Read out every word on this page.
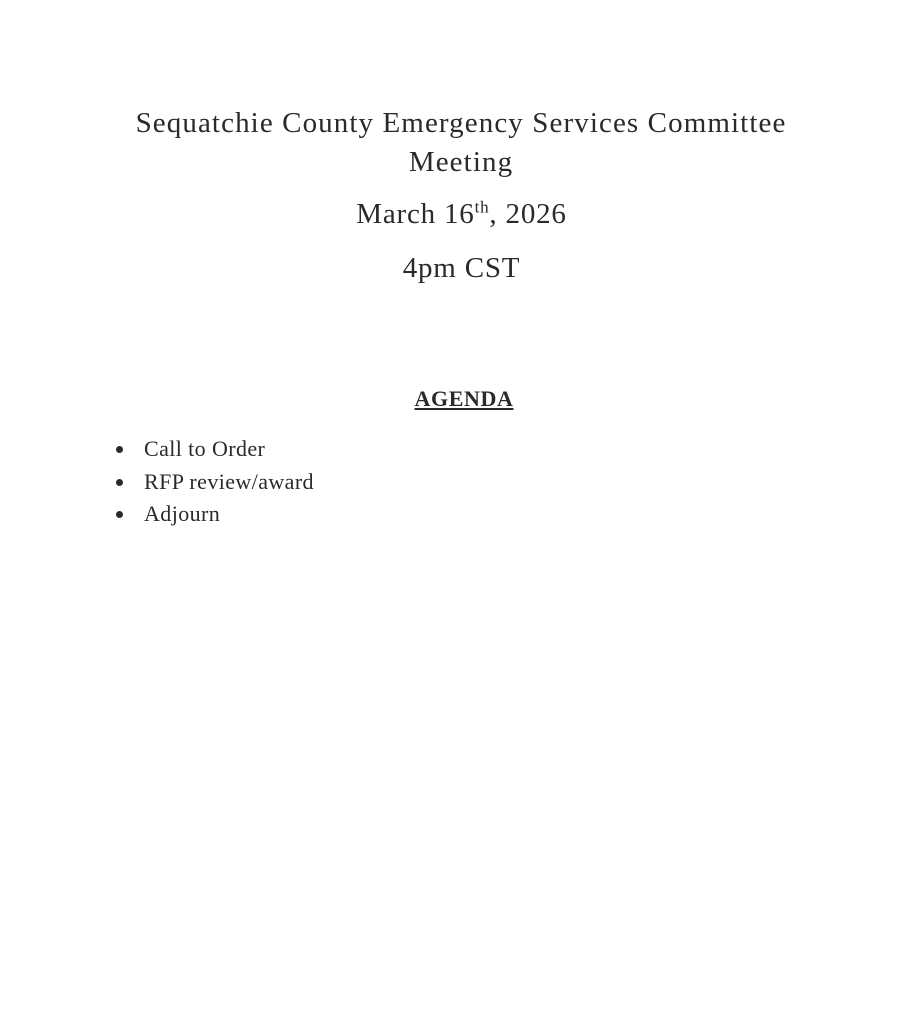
Sequatchie County Emergency Services Committee Meeting

March 16th, 2026

4pm CST

AGENDA

Call to Order
RFP review/award
Adjourn
